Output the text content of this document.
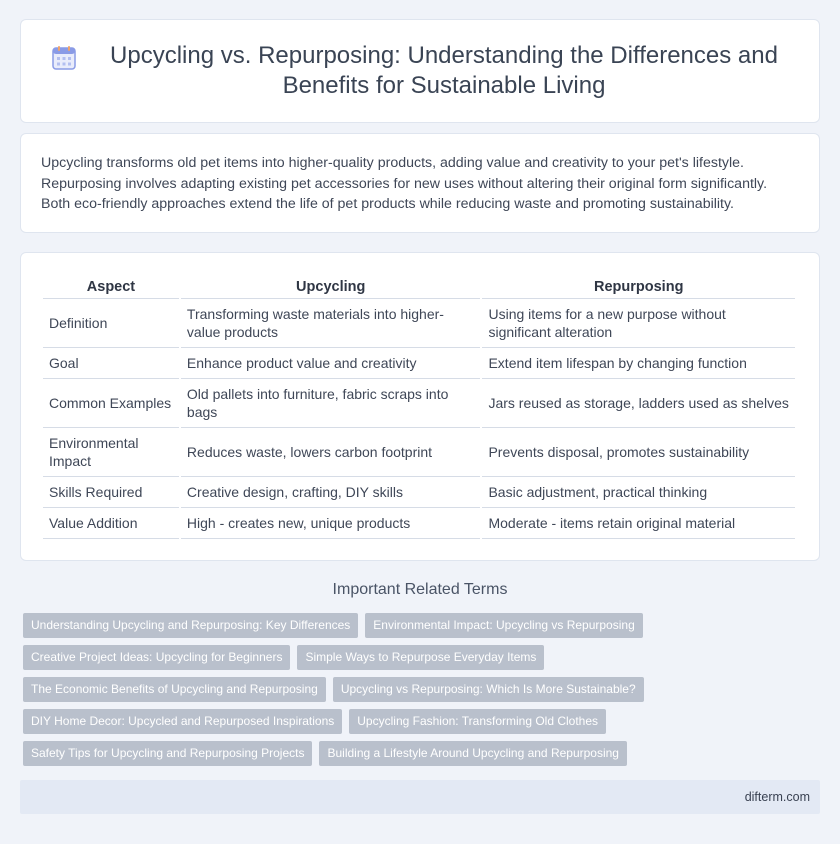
Upcycling vs. Repurposing: Understanding the Differences and Benefits for Sustainable Living

Upcycling transforms old pet items into higher-quality products, adding value and creativity to your pet's lifestyle. Repurposing involves adapting existing pet accessories for new uses without altering their original form significantly. Both eco-friendly approaches extend the life of pet products while reducing waste and promoting sustainability.

Aspect	Upcycling	Repurposing
Definition	Transforming waste materials into higher-value products	Using items for a new purpose without significant alteration
Goal	Enhance product value and creativity	Extend item lifespan by changing function
Common Examples	Old pallets into furniture, fabric scraps into bags	Jars reused as storage, ladders used as shelves
Environmental Impact	Reduces waste, lowers carbon footprint	Prevents disposal, promotes sustainability
Skills Required	Creative design, crafting, DIY skills	Basic adjustment, practical thinking
Value Addition	High - creates new, unique products	Moderate - items retain original material
Important Related Terms
Understanding Upcycling and Repurposing: Key Differences	Environmental Impact: Upcycling vs Repurposing
Creative Project Ideas: Upcycling for Beginners	Simple Ways to Repurpose Everyday Items
The Economic Benefits of Upcycling and Repurposing	Upcycling vs Repurposing: Which Is More Sustainable?
DIY Home Decor: Upcycled and Repurposed Inspirations	Upcycling Fashion: Transforming Old Clothes
Safety Tips for Upcycling and Repurposing Projects	Building a Lifestyle Around Upcycling and Repurposing
difterm.com
